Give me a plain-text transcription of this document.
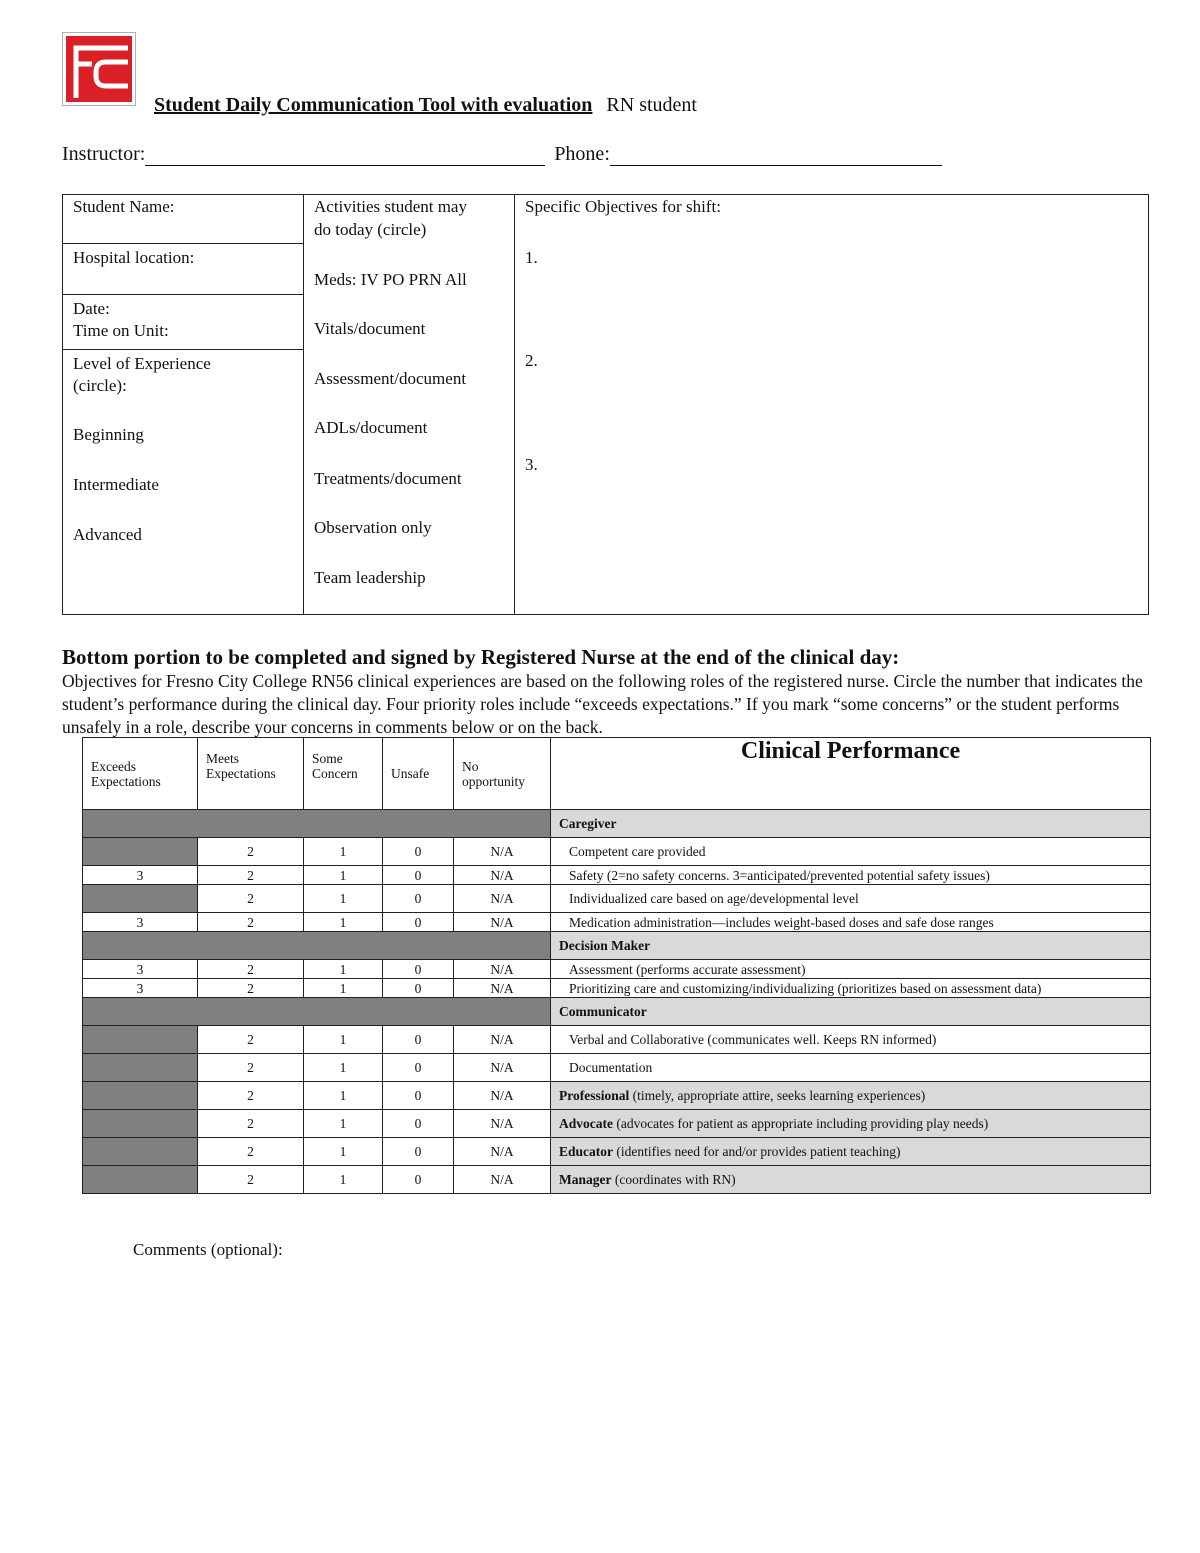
Student Daily Communication Tool with evaluation RN student
Instructor:	Phone:
Student Name:
Hospital location:
Date:
Time on Unit:
Level of Experience
(circle):
Beginning
Intermediate
Advanced

Activities student may
do today (circle)
Meds: IV PO PRN All
Vitals/document
Assessment/document
ADLs/document
Treatments/document
Observation only
Team leadership

Specific Objectives for shift:
1.
2.
3.
Bottom portion to be completed and signed by Registered Nurse at the end of the clinical day:
Objectives for Fresno City College RN56 clinical experiences are based on the following roles of the registered nurse. Circle the number that indicates the student’s performance during the clinical day. Four priority roles include “exceeds expectations.” If you mark “some concerns” or the student performs unsafely in a role, describe your concerns in comments below or on the back.
Exceeds
Expectations	Meets
Expectations	Some
Concern	Unsafe	No
opportunity	Clinical Performance

					Caregiver
	2	1	0	N/A	Competent care provided
3	2	1	0	N/A	Safety (2=no safety concerns. 3=anticipated/prevented potential safety issues)
	2	1	0	N/A	Individualized care based on age/developmental level
3	2	1	0	N/A	Medication administration—includes weight-based doses and safe dose ranges
					Decision Maker
3	2	1	0	N/A	Assessment (performs accurate assessment)
3	2	1	0	N/A	Prioritizing care and customizing/individualizing (prioritizes based on assessment data)
					Communicator
	2	1	0	N/A	Verbal and Collaborative (communicates well. Keeps RN informed)
	2	1	0	N/A	Documentation
	2	1	0	N/A	Professional (timely, appropriate attire, seeks learning experiences)
	2	1	0	N/A	Advocate (advocates for patient as appropriate including providing play needs)
	2	1	0	N/A	Educator (identifies need for and/or provides patient teaching)
	2	1	0	N/A	Manager (coordinates with RN)
Comments (optional):
